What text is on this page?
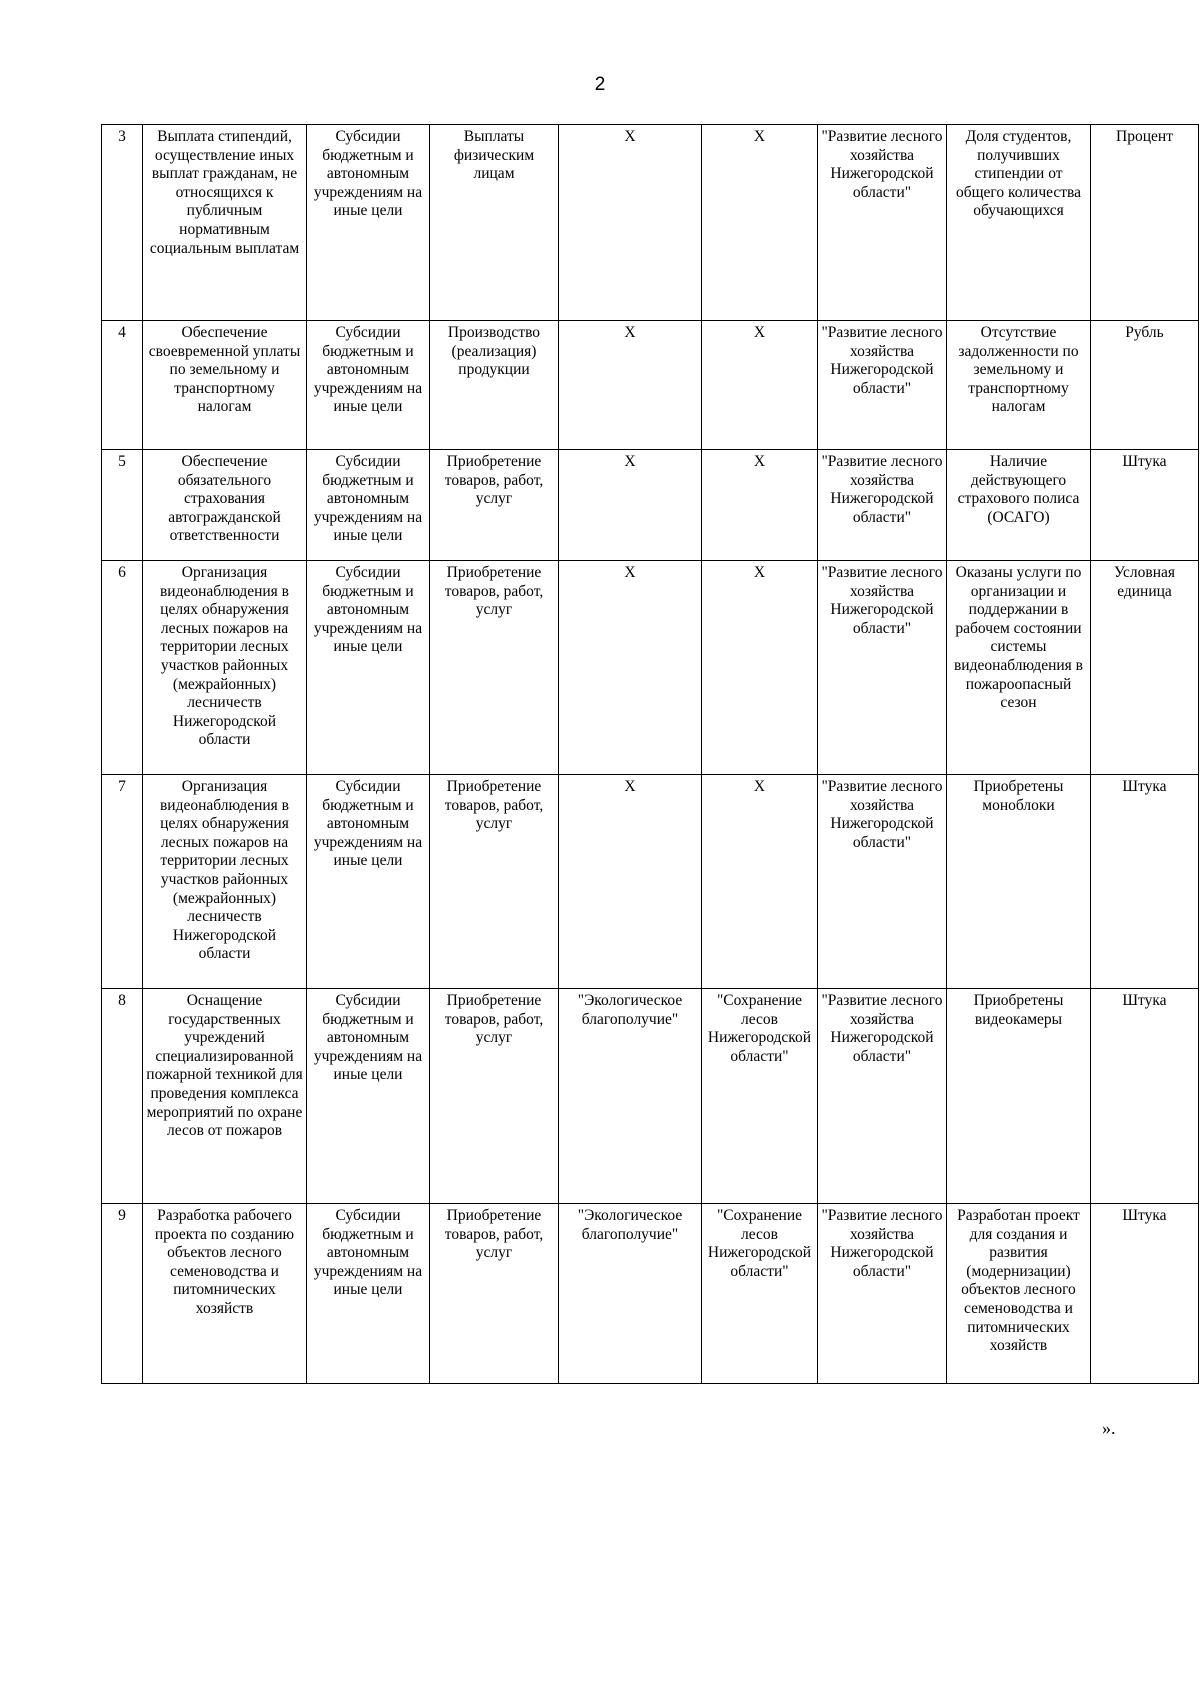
2
3	Выплата стипендий, осуществление иных выплат гражданам, не относящихся к публичным нормативным социальным выплатам	Субсидии бюджетным и автономным учреждениям на иные цели	Выплаты физическим лицам	X	X	"Развитие лесного хозяйства Нижегородской области"	Доля студентов, получивших стипендии от общего количества обучающихся	Процент
4	Обеспечение своевременной уплаты по земельному и транспортному налогам	Субсидии бюджетным и автономным учреждениям на иные цели	Производство (реализация) продукции	X	X	"Развитие лесного хозяйства Нижегородской области"	Отсутствие задолженности по земельному и транспортному налогам	Рубль
5	Обеспечение обязательного страхования автогражданской ответственности	Субсидии бюджетным и автономным учреждениям на иные цели	Приобретение товаров, работ, услуг	X	X	"Развитие лесного хозяйства Нижегородской области"	Наличие действующего страхового полиса (ОСАГО)	Штука
6	Организация видеонаблюдения в целях обнаружения лесных пожаров на территории лесных участков районных (межрайонных) лесничеств Нижегородской области	Субсидии бюджетным и автономным учреждениям на иные цели	Приобретение товаров, работ, услуг	X	X	"Развитие лесного хозяйства Нижегородской области"	Оказаны услуги по организации и поддержании в рабочем состоянии системы видеонаблюдения в пожароопасный сезон	Условная единица
7	Организация видеонаблюдения в целях обнаружения лесных пожаров на территории лесных участков районных (межрайонных) лесничеств Нижегородской области	Субсидии бюджетным и автономным учреждениям на иные цели	Приобретение товаров, работ, услуг	X	X	"Развитие лесного хозяйства Нижегородской области"	Приобретены моноблоки	Штука
8	Оснащение государственных учреждений специализированной пожарной техникой для проведения комплекса мероприятий по охране лесов от пожаров	Субсидии бюджетным и автономным учреждениям на иные цели	Приобретение товаров, работ, услуг	"Экологическое благополучие"	"Сохранение лесов Нижегородской области"	"Развитие лесного хозяйства Нижегородской области"	Приобретены видеокамеры	Штука
9	Разработка рабочего проекта по созданию объектов лесного семеноводства и питомнических хозяйств	Субсидии бюджетным и автономным учреждениям на иные цели	Приобретение товаров, работ, услуг	"Экологическое благополучие"	"Сохранение лесов Нижегородской области"	"Развитие лесного хозяйства Нижегородской области"	Разработан проект для создания и развития (модернизации) объектов лесного семеноводства и питомнических хозяйств	Штука
».
